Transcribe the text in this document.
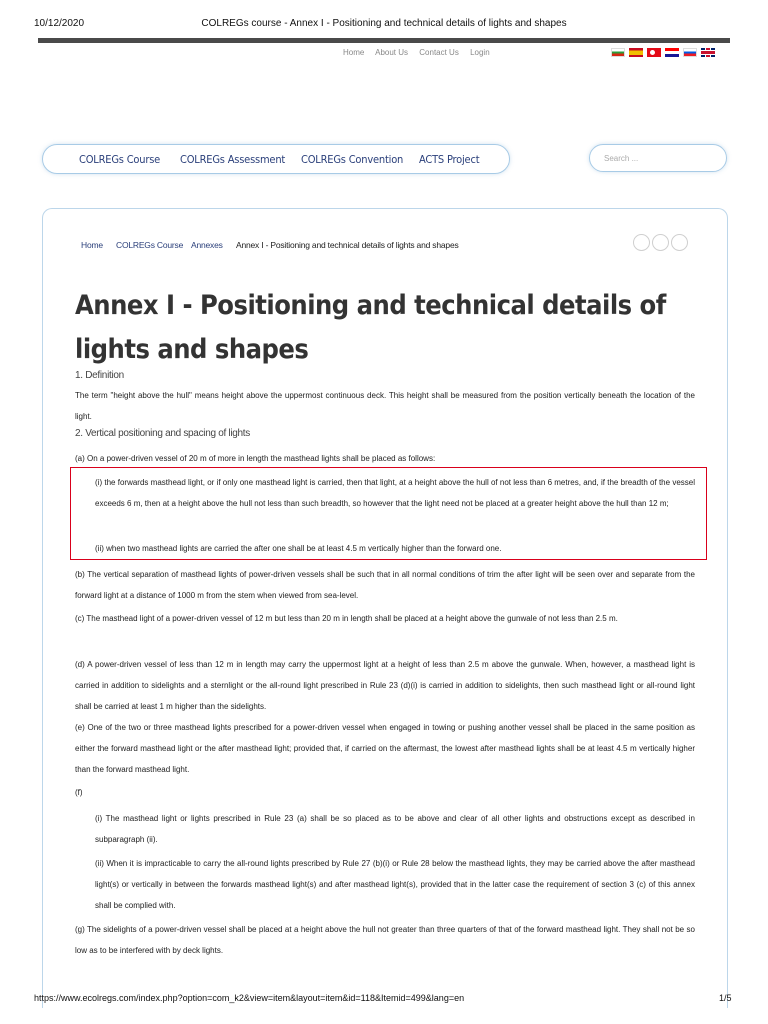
10/12/2020	COLREGs course - Annex I - Positioning and technical details of lights and shapes
Home About Us Contact Us Login
COLREGs Course COLREGs Assessment COLREGs Convention ACTS Project	Search ...
Home COLREGs Course Annexes Annex I - Positioning and technical details of lights and shapes
Annex I - Positioning and technical details of lights and shapes
1. Definition
The term "height above the hull" means height above the uppermost continuous deck. This height shall be measured from the position vertically beneath the location of the light.
2. Vertical positioning and spacing of lights
(a) On a power-driven vessel of 20 m of more in length the masthead lights shall be placed as follows:
(i) the forwards masthead light, or if only one masthead light is carried, then that light, at a height above the hull of not less than 6 metres, and, if the breadth of the vessel exceeds 6 m, then at a height above the hull not less than such breadth, so however that the light need not be placed at a greater height above the hull than 12 m;
(ii) when two masthead lights are carried the after one shall be at least 4.5 m vertically higher than the forward one.
(b) The vertical separation of masthead lights of power-driven vessels shall be such that in all normal conditions of trim the after light will be seen over and separate from the forward light at a distance of 1000 m from the stem when viewed from sea-level.
(c) The masthead light of a power-driven vessel of 12 m but less than 20 m in length shall be placed at a height above the gunwale of not less than 2.5 m.
(d) A power-driven vessel of less than 12 m in length may carry the uppermost light at a height of less than 2.5 m above the gunwale. When, however, a masthead light is carried in addition to sidelights and a sternlight or the all-round light prescribed in Rule 23 (d)(i) is carried in addition to sidelights, then such masthead light or all-round light shall be carried at least 1 m higher than the sidelights.
(e) One of the two or three masthead lights prescribed for a power-driven vessel when engaged in towing or pushing another vessel shall be placed in the same position as either the forward masthead light or the after masthead light; provided that, if carried on the aftermast, the lowest after masthead lights shall be at least 4.5 m vertically higher than the forward masthead light.
(f)
(i) The masthead light or lights prescribed in Rule 23 (a) shall be so placed as to be above and clear of all other lights and obstructions except as described in subparagraph (ii).
(ii) When it is impracticable to carry the all-round lights prescribed by Rule 27 (b)(i) or Rule 28 below the masthead lights, they may be carried above the after masthead light(s) or vertically in between the forwards masthead light(s) and after masthead light(s), provided that in the latter case the requirement of section 3 (c) of this annex shall be complied with.
(g) The sidelights of a power-driven vessel shall be placed at a height above the hull not greater than three quarters of that of the forward masthead light. They shall not be so low as to be interfered with by deck lights.
https://www.ecolregs.com/index.php?option=com_k2&view=item&layout=item&id=118&Itemid=499&lang=en	1/5
